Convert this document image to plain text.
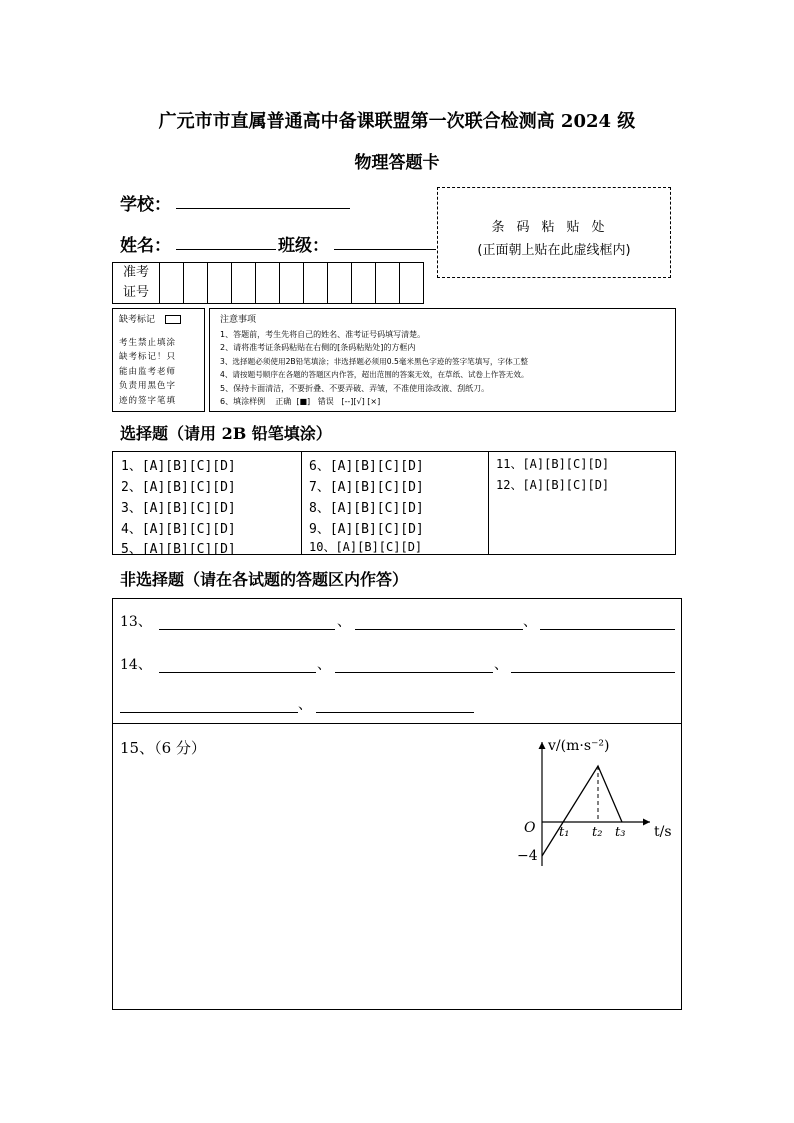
广元市市直属普通高中备课联盟第一次联合检测高 2024 级
物理答题卡
学校：
姓名：	班级：
条码粘贴处
(正面朝上贴在此虚线框内)
准考
证号
缺考标记
考生禁止填涂
缺考标记！只
能由监考老师
负责用黑色字
迹的签字笔填
注意事项
1、答题前，考生先将自己的姓名、准考证号码填写清楚。
2、请将准考证条码粘贴在右侧的[条码粘贴处]的方框内
3、选择题必须使用2B铅笔填涂；非选择题必须用0.5毫米黑色字迹的签字笔填写，字体工整
4、请按题号顺序在各题的答题区内作答，超出范围的答案无效，在草纸、试卷上作答无效。
5、保持卡面清洁，不要折叠、不要弄破、弄皱，不准使用涂改液、刮纸刀。
6、填涂样例    正确  [■]   错误   [--][√] [×]
选择题（请用 2B 铅笔填涂）
1、[A][B][C][D]
2、[A][B][C][D]
3、[A][B][C][D]
4、[A][B][C][D]
5、[A][B][C][D]
6、[A][B][C][D]
7、[A][B][C][D]
8、[A][B][C][D]
9、[A][B][C][D]
10、[A][B][C][D]
11、[A][B][C][D]
12、[A][B][C][D]
非选择题（请在各试题的答题区内作答）
13、	、	、
14、	、	、
、
15、（6 分）	v/(m·s⁻²)
t/s
O
−4
t₁ t₂ t₃
